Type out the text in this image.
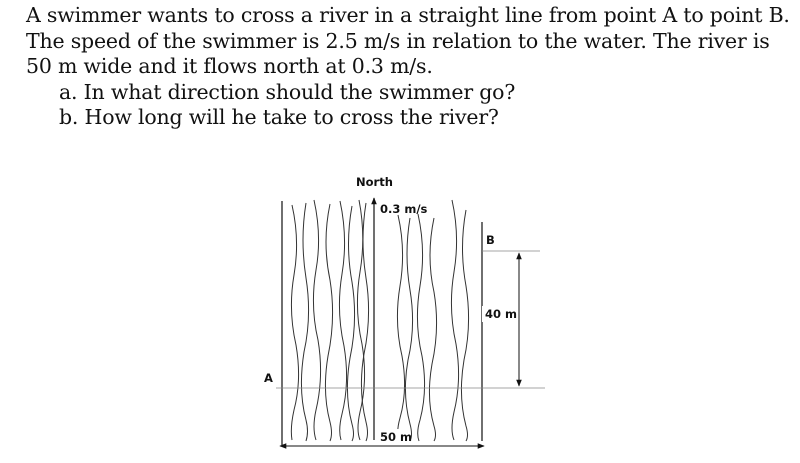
A swimmer wants to cross a river in a straight line from point A to point B.
The speed of the swimmer is 2.5 m/s in relation to the water. The river is
50 m wide and it flows north at 0.3 m/s.
a. In what direction should the swimmer go?
b. How long will he take to cross the river?
North
0.3 m/s
A
B
40 m
50 m
